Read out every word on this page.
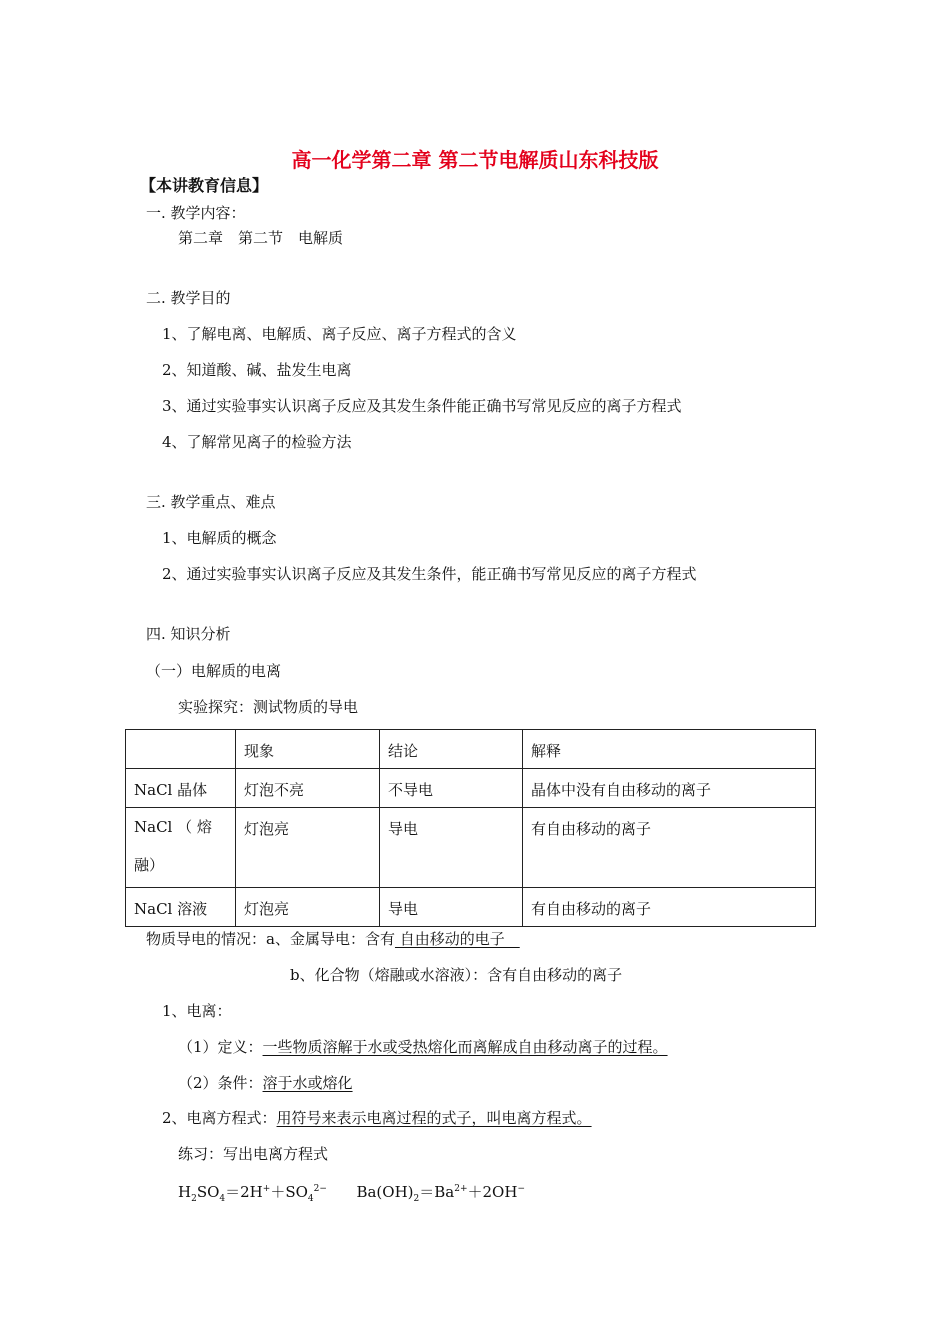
高一化学第二章 第二节电解质山东科技版
【本讲教育信息】
一. 教学内容：
第二章　第二节　电解质
二. 教学目的
1、了解电离、电解质、离子反应、离子方程式的含义
2、知道酸、碱、盐发生电离
3、通过实验事实认识离子反应及其发生条件能正确书写常见反应的离子方程式
4、了解常见离子的检验方法
三. 教学重点、难点
1、电解质的概念
2、通过实验事实认识离子反应及其发生条件，能正确书写常见反应的离子方程式
四. 知识分析
（一）电解质的电离
实验探究：测试物质的导电
	现象	结论	解释
NaCl 晶体	灯泡不亮	不导电	晶体中没有自由移动的离子
NaCl （ 熔融）	灯泡亮	导电	有自由移动的离子
NaCl 溶液	灯泡亮	导电	有自由移动的离子
物质导电的情况：a、金属导电：含有 自由移动的电子　
b、化合物（熔融或水溶液）：含有自由移动的离子
1、电离：
（1）定义：一些物质溶解于水或受热熔化而离解成自由移动离子的过程。
（2）条件：溶于水或熔化
2、电离方程式：用符号来表示电离过程的式子，叫电离方程式。
练习：写出电离方程式
$H_2SO_4=2H^++SO_4^{2-}$ $Ba(OH)_2=Ba^{2+}+2OH^-$
